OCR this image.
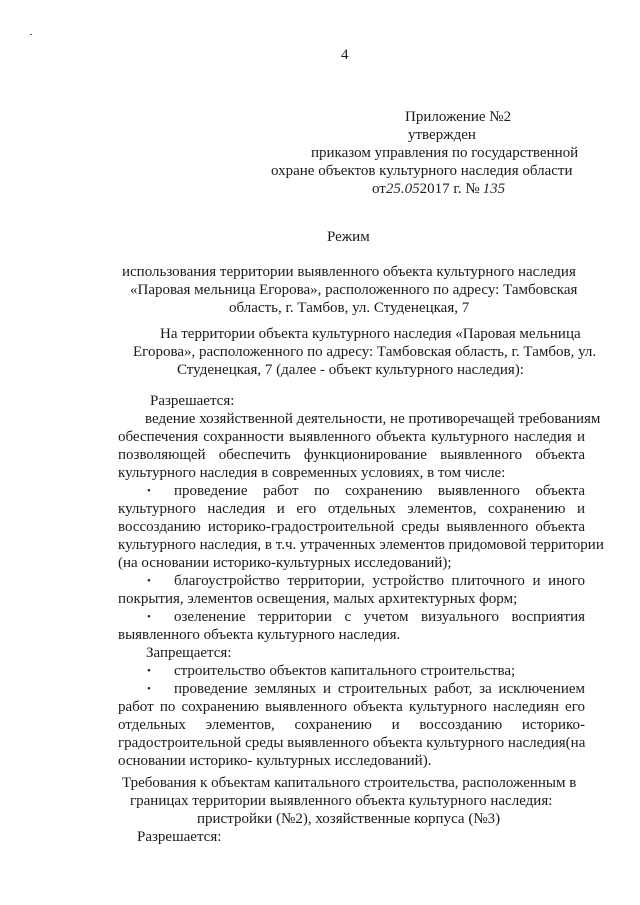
4
Приложение №2
утвержден
приказом управления по государственной
охране объектов культурного наследия области
от25.052017 г. № 135
Режим
использования территории выявленного объекта культурного наследия
«Паровая мельница Егорова», расположенного по адресу: Тамбовская
область, г. Тамбов, ул. Студенецкая, 7
На территории объекта культурного наследия «Паровая мельница
Егорова», расположенного по адресу: Тамбовская область, г. Тамбов, ул.
Студенецкая, 7 (далее - объект культурного наследия):
Разрешается:
ведение хозяйственной деятельности, не противоречащей требованиям
обеспечения сохранности выявленного объекта культурного наследия и
позволяющей обеспечить функционирование выявленного объекта
культурного наследия в современных условиях, в том числе:
• проведение работ по сохранению выявленного объекта
культурного наследия и его отдельных элементов, сохранению и
воссозданию историко-градостроительной среды выявленного объекта
культурного наследия, в т.ч. утраченных элементов придомовой территории
(на основании историко-культурных исследований);
• благоустройство территории, устройство плиточного и иного
покрытия, элементов освещения, малых архитектурных форм;
• озеленение территории с учетом визуального восприятия
выявленного объекта культурного наследия.
Запрещается:
• строительство объектов капитального строительства;
• проведение земляных и строительных работ, за исключением
работ по сохранению выявленного объекта культурного наследиян его
отдельных элементов, сохранению и воссозданию историко-
градостроительной среды выявленного объекта культурного наследия(на
основании историко- культурных исследований).
Требования к объектам капитального строительства, расположенным в
границах территории выявленного объекта культурного наследия:
пристройки (№2), хозяйственные корпуса (№3)
Разрешается:
